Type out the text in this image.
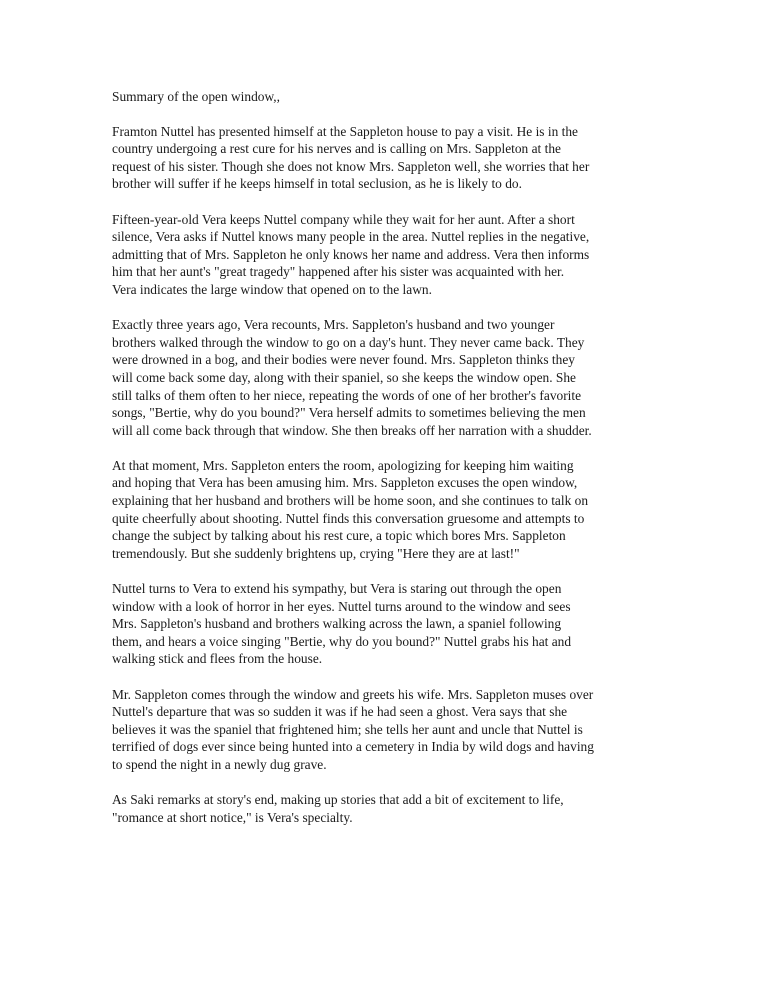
Summary of the open window,,

Framton Nuttel has presented himself at the Sappleton house to pay a visit. He is in the
country undergoing a rest cure for his nerves and is calling on Mrs. Sappleton at the
request of his sister. Though she does not know Mrs. Sappleton well, she worries that her
brother will suffer if he keeps himself in total seclusion, as he is likely to do.

Fifteen-year-old Vera keeps Nuttel company while they wait for her aunt. After a short
silence, Vera asks if Nuttel knows many people in the area. Nuttel replies in the negative,
admitting that of Mrs. Sappleton he only knows her name and address. Vera then informs
him that her aunt's "great tragedy" happened after his sister was acquainted with her.
Vera indicates the large window that opened on to the lawn.

Exactly three years ago, Vera recounts, Mrs. Sappleton's husband and two younger
brothers walked through the window to go on a day's hunt. They never came back. They
were drowned in a bog, and their bodies were never found. Mrs. Sappleton thinks they
will come back some day, along with their spaniel, so she keeps the window open. She
still talks of them often to her niece, repeating the words of one of her brother's favorite
songs, "Bertie, why do you bound?" Vera herself admits to sometimes believing the men
will all come back through that window. She then breaks off her narration with a shudder.

At that moment, Mrs. Sappleton enters the room, apologizing for keeping him waiting
and hoping that Vera has been amusing him. Mrs. Sappleton excuses the open window,
explaining that her husband and brothers will be home soon, and she continues to talk on
quite cheerfully about shooting. Nuttel finds this conversation gruesome and attempts to
change the subject by talking about his rest cure, a topic which bores Mrs. Sappleton
tremendously. But she suddenly brightens up, crying "Here they are at last!"

Nuttel turns to Vera to extend his sympathy, but Vera is staring out through the open
window with a look of horror in her eyes. Nuttel turns around to the window and sees
Mrs. Sappleton's husband and brothers walking across the lawn, a spaniel following
them, and hears a voice singing "Bertie, why do you bound?" Nuttel grabs his hat and
walking stick and flees from the house.

Mr. Sappleton comes through the window and greets his wife. Mrs. Sappleton muses over
Nuttel's departure that was so sudden it was if he had seen a ghost. Vera says that she
believes it was the spaniel that frightened him; she tells her aunt and uncle that Nuttel is
terrified of dogs ever since being hunted into a cemetery in India by wild dogs and having
to spend the night in a newly dug grave.

As Saki remarks at story's end, making up stories that add a bit of excitement to life,
"romance at short notice," is Vera's specialty.
